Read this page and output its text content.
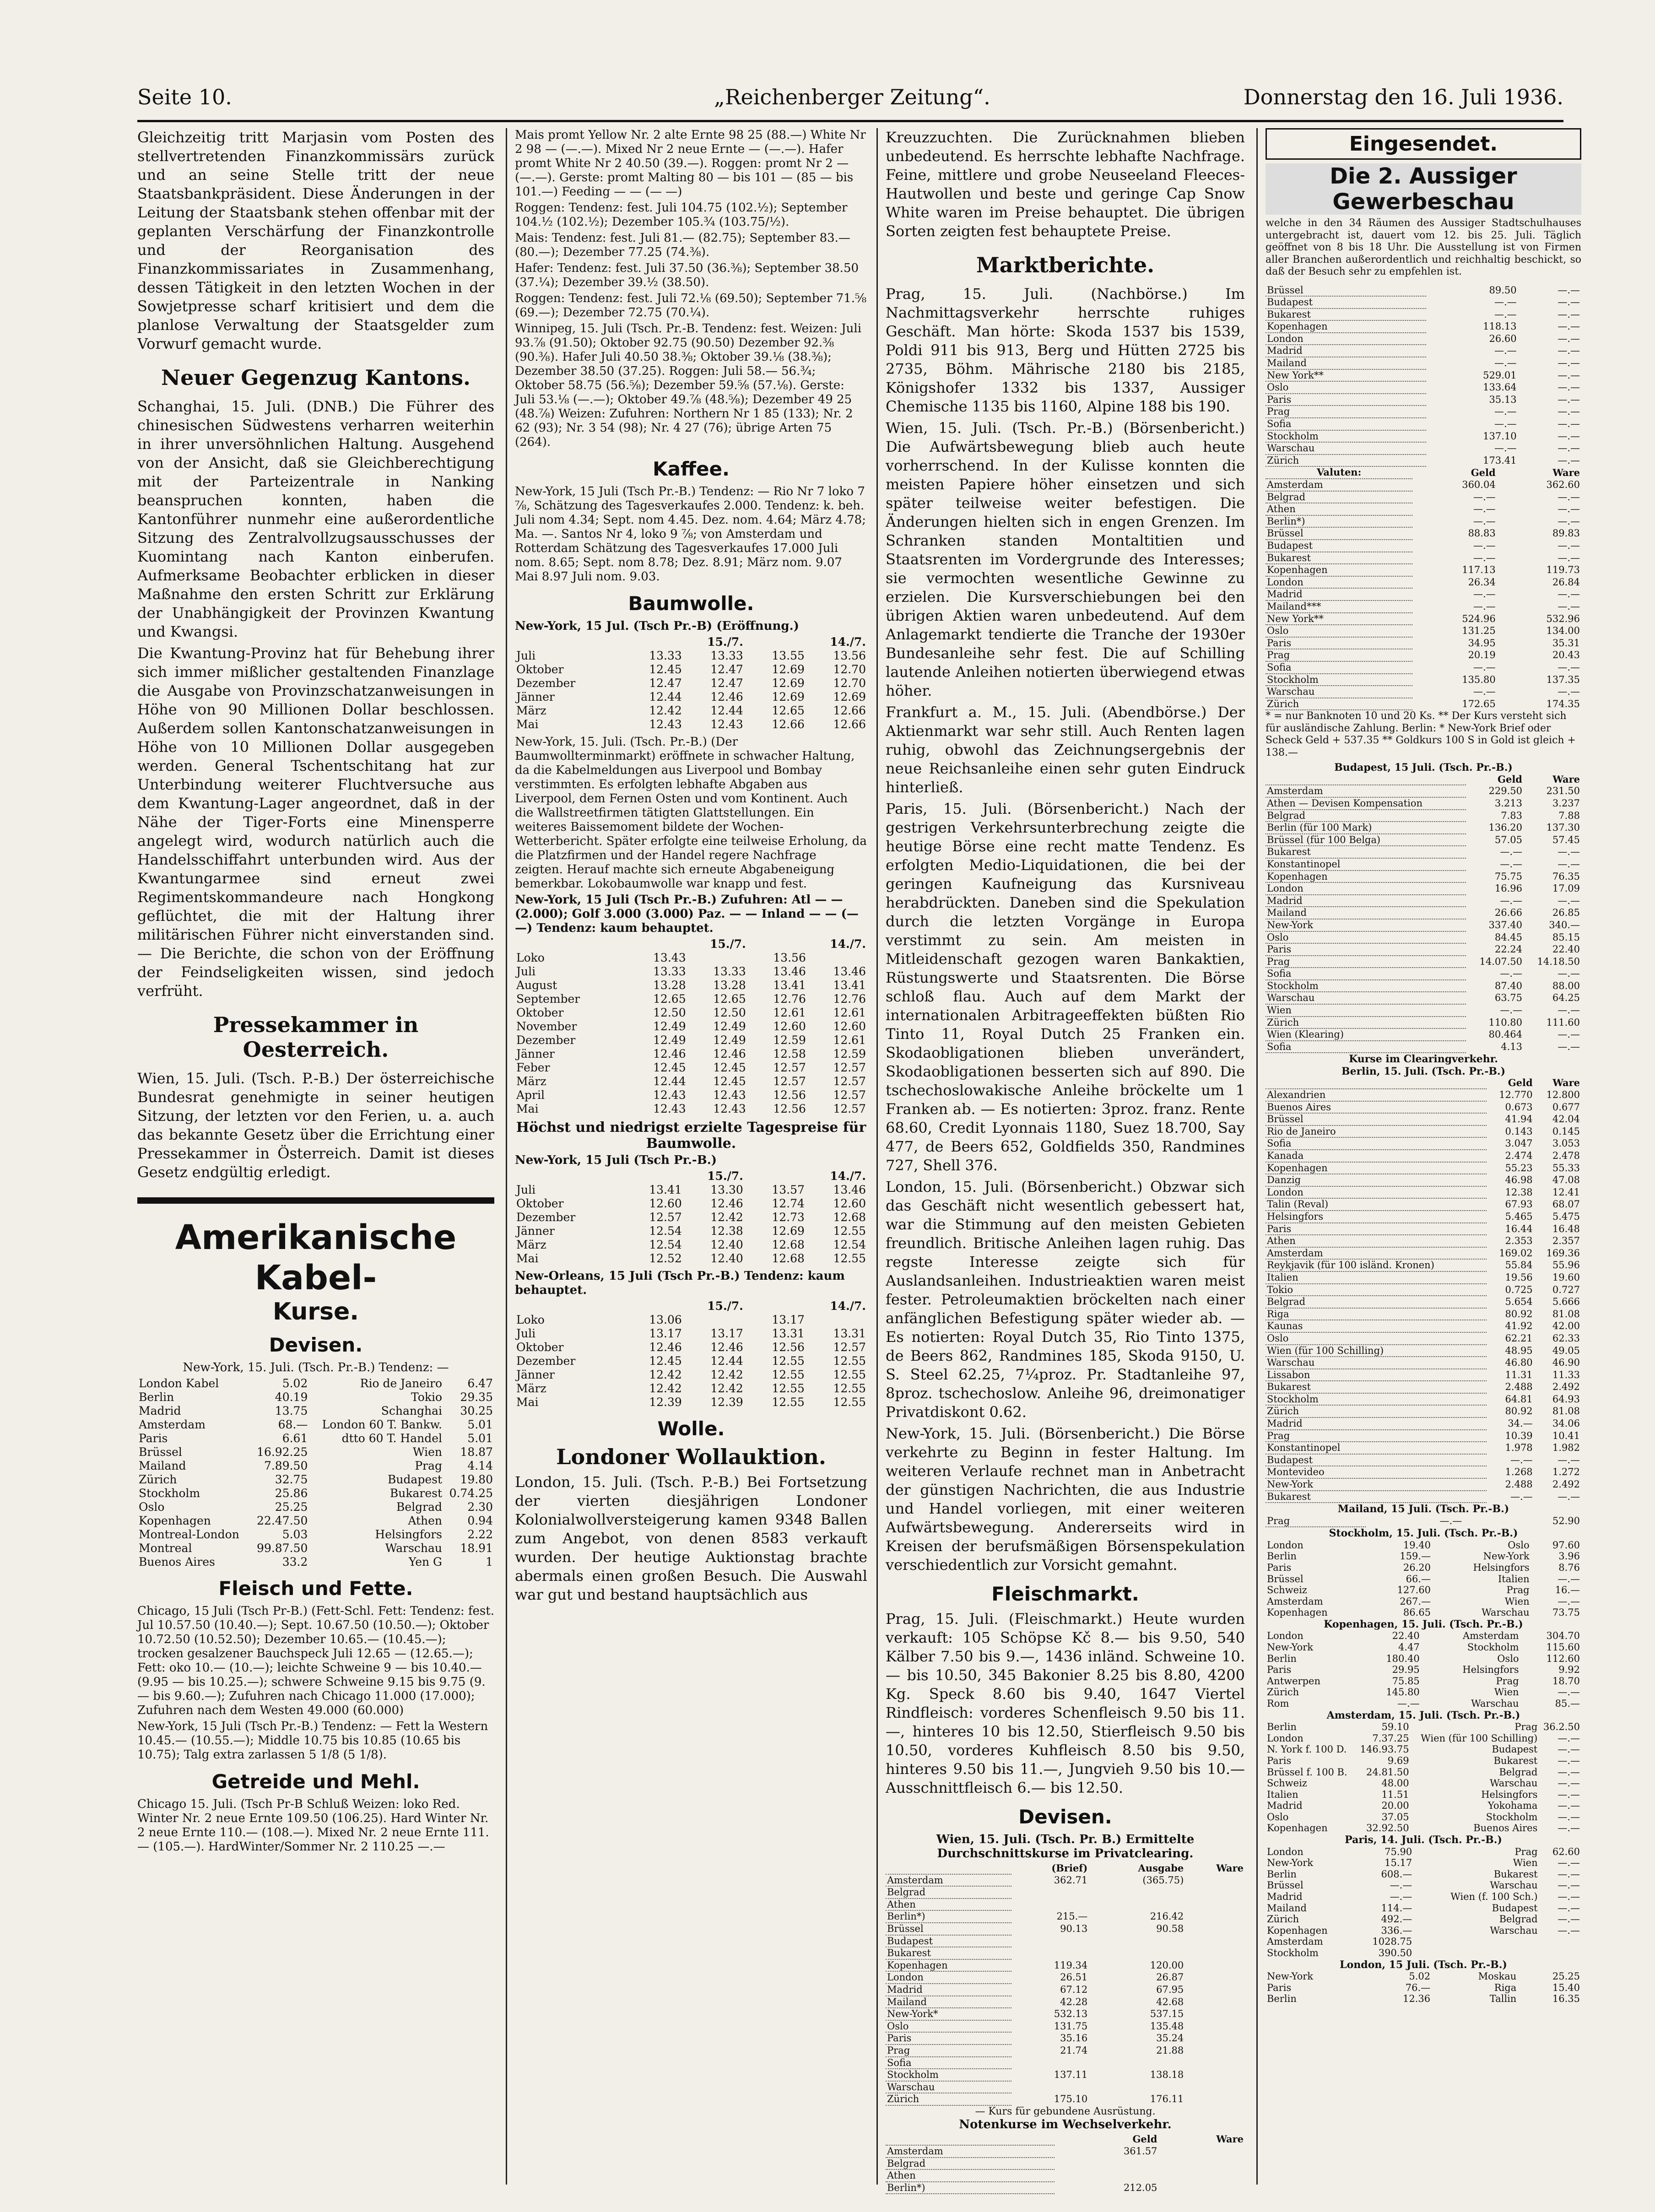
Seite 10.	„Reichenberger Zeitung“.	Donnerstag den 16. Juli 1936.

Gleichzeitig tritt Marjasin vom Posten des stellvertretenden Finanzkommissärs zurück und an seine Stelle tritt der neue Staatsbankpräsident. Diese Änderungen in der Leitung der Staatsbank stehen offenbar mit der geplanten Verschärfung der Finanzkontrolle und der Reorganisation des Finanzkommissariates in Zusammenhang, dessen Tätigkeit in den letzten Wochen in der Sowjetpresse scharf kritisiert und dem die planlose Verwaltung der Staatsgelder zum Vorwurf gemacht wurde.

Neuer Gegenzug Kantons.

Schanghai, 15. Juli. (DNB.) Die Führer des chinesischen Südwestens verharren weiterhin in ihrer unversöhnlichen Haltung. Ausgehend von der Ansicht, daß sie Gleichberechtigung mit der Parteizentrale in Nanking beanspruchen konnten, haben die Kantonführer nunmehr eine außerordentliche Sitzung des Zentralvollzugsausschusses der Kuomintang nach Kanton einberufen. Aufmerksame Beobachter erblicken in dieser Maßnahme den ersten Schritt zur Erklärung der Unabhängigkeit der Provinzen Kwantung und Kwangsi.

Die Kwantung-Provinz hat für Behebung ihrer sich immer mißlicher gestaltenden Finanzlage die Ausgabe von Provinzschatzanweisungen in Höhe von 90 Millionen Dollar beschlossen. Außerdem sollen Kantonschatzanweisungen in Höhe von 10 Millionen Dollar ausgegeben werden. General Tschentschitang hat zur Unterbindung weiterer Fluchtversuche aus dem Kwantung-Lager angeordnet, daß in der Nähe der Tiger-Forts eine Minensperre angelegt wird, wodurch natürlich auch die Handelsschiffahrt unterbunden wird. Aus der Kwantungarmee sind erneut zwei Regimentskommandeure nach Hongkong geflüchtet, die mit der Haltung ihrer militärischen Führer nicht einverstanden sind. — Die Berichte, die schon von der Eröffnung der Feindseligkeiten wissen, sind jedoch verfrüht.

Pressekammer in Oesterreich.

Wien, 15. Juli. (Tsch. P.-B.) Der österreichische Bundesrat genehmigte in seiner heutigen Sitzung, der letzten vor den Ferien, u. a. auch das bekannte Gesetz über die Errichtung einer Pressekammer in Österreich. Damit ist dieses Gesetz endgültig erledigt.

Amerikanische Kabel-
Kurse.
Devisen.
New-York, 15. Juli. (Tsch. Pr.-B.) Tendenz: —
London Kabel	5.02	Rio de Janeiro	6.47
Berlin	40.19	Tokio	29.35
Madrid	13.75	Schanghai	30.25
Amsterdam	68.—	London 60 T. Bankw.	5.01
Paris	6.61	dtto 60 T. Handel	5.01
Brüssel	16.92.25	Wien	18.87
Mailand	7.89.50	Prag	4.14
Zürich	32.75	Budapest	19.80
Stockholm	25.86	Bukarest	0.74.25
Oslo	25.25	Belgrad	2.30
Kopenhagen	22.47.50	Athen	0.94
Montreal-London	5.03	Helsingfors	2.22
Montreal	99.87.50	Warschau	18.91
Buenos Aires	33.2	Yen G	1
Fleisch und Fette.

Chicago, 15 Juli (Tsch Pr-B.) (Fett-Schl. Fett: Tendenz: fest. Jul 10.57.50 (10.40.—); Sept. 10.67.50 (10.50.—); Oktober 10.72.50 (10.52.50); Dezember 10.65.— (10.45.—); trocken gesalzener Bauchspeck Juli 12.65 — (12.65.—); Fett: oko 10.— (10.—); leichte Schweine 9 — bis 10.40.— (9.95 — bis 10.25.—); schwere Schweine 9.15 bis 9.75 (9.— bis 9.60.—); Zufuhren nach Chicago 11.000 (17.000); Zufuhren nach dem Westen 49.000 (60.000)

New-York, 15 Juli (Tsch Pr.-B.) Tendenz: — Fett la Western 10.45.— (10.55.—); Middle 10.75 bis 10.85 (10.65 bis 10.75); Talg extra zarlassen 5 1/8 (5 1/8).

Getreide und Mehl.

Chicago 15. Juli. (Tsch Pr-B Schluß Weizen: loko Red. Winter Nr. 2 neue Ernte 109.50 (106.25). Hard Winter Nr. 2 neue Ernte 110.— (108.—). Mixed Nr. 2 neue Ernte 111.— (105.—). HardWinter/Sommer Nr. 2 110.25 —.—

Mais promt Yellow Nr. 2 alte Ernte 98 25 (88.—) White Nr 2 98 — (—.—). Mixed Nr 2 neue Ernte — (—.—). Hafer promt White Nr 2 40.50 (39.—). Roggen: promt Nr 2 — (—.—). Gerste: promt Malting 80 — bis 101 — (85 — bis 101.—) Feeding — — (— —)

Roggen: Tendenz: fest. Juli 104.75 (102.½); September 104.½ (102.½); Dezember 105.¾ (103.75/½).

Mais: Tendenz: fest. Juli 81.— (82.75); September 83.— (80.—); Dezember 77.25 (74.⅜).

Hafer: Tendenz: fest. Juli 37.50 (36.⅜); September 38.50 (37.¼); Dezember 39.½ (38.50).

Roggen: Tendenz: fest. Juli 72.⅛ (69.50); September 71.⅝ (69.—); Dezember 72.75 (70.¼).

Winnipeg, 15. Juli (Tsch. Pr.-B. Tendenz: fest. Weizen: Juli 93.⅞ (91.50); Oktober 92.75 (90.50) Dezember 92.⅜ (90.⅜). Hafer Juli 40.50 38.⅜; Oktober 39.⅛ (38.⅜); Dezember 38.50 (37.25). Roggen: Juli 58.— 56.¾; Oktober 58.75 (56.⅝); Dezember 59.⅝ (57.⅛). Gerste: Juli 53.⅛ (—.—); Oktober 49.⅞ (48.⅝); Dezember 49 25 (48.⅞) Weizen: Zufuhren: Northern Nr 1 85 (133); Nr. 2 62 (93); Nr. 3 54 (98); Nr. 4 27 (76); übrige Arten 75 (264).

Kaffee.

New-York, 15 Juli (Tsch Pr.-B.) Tendenz: — Rio Nr 7 loko 7 ⅞, Schätzung des Tagesverkaufes 2.000. Tendenz: k. beh. Juli nom 4.34; Sept. nom 4.45. Dez. nom. 4.64; März 4.78; Ma. —. Santos Nr 4, loko 9 ⅞; von Amsterdam und Rotterdam Schätzung des Tagesverkaufes 17.000 Juli nom. 8.65; Sept. nom 8.78; Dez. 8.91; März nom. 9.07 Mai 8.97 Juli nom. 9.03.

Baumwolle.
New-York, 15 Jul. (Tsch Pr.-B) (Eröffnung.)
	15./7.		14./7.	
Juli	13.33	13.33	13.55	13.56
Oktober	12.45	12.47	12.69	12.70
Dezember	12.47	12.47	12.69	12.70
Jänner	12.44	12.46	12.69	12.69
März	12.42	12.44	12.65	12.66
Mai	12.43	12.43	12.66	12.66

New-York, 15. Juli. (Tsch. Pr.-B.) (Der Baumwollterminmarkt) eröffnete in schwacher Haltung, da die Kabelmeldungen aus Liverpool und Bombay verstimmten. Es erfolgten lebhafte Abgaben aus Liverpool, dem Fernen Osten und vom Kontinent. Auch die Wallstreetfirmen tätigten Glattstellungen. Ein weiteres Baissemoment bildete der Wochen-Wetterbericht. Später erfolgte eine teilweise Erholung, da die Platzfirmen und der Handel regere Nachfrage zeigten. Herauf machte sich erneute Abgabeneigung bemerkbar. Lokobaumwolle war knapp und fest.

New-York, 15 Juli (Tsch Pr.-B.) Zufuhren: Atl — — (2.000); Golf 3.000 (3.000) Paz. — — Inland — — (— —) Tendenz: kaum behauptet.
	15./7.		14./7.	
Loko	13.43		13.56	
Juli	13.33	13.33	13.46	13.46
August	13.28	13.28	13.41	13.41
September	12.65	12.65	12.76	12.76
Oktober	12.50	12.50	12.61	12.61
November	12.49	12.49	12.60	12.60
Dezember	12.49	12.49	12.59	12.61
Jänner	12.46	12.46	12.58	12.59
Feber	12.45	12.45	12.57	12.57
März	12.44	12.45	12.57	12.57
April	12.43	12.43	12.56	12.57
Mai	12.43	12.43	12.56	12.57
Höchst und niedrigst erzielte Tagespreise für Baumwolle.
New-York, 15 Juli (Tsch Pr.-B.)
	15./7.		14./7.	
Juli	13.41	13.30	13.57	13.46
Oktober	12.60	12.46	12.74	12.60
Dezember	12.57	12.42	12.73	12.68
Jänner	12.54	12.38	12.69	12.55
März	12.54	12.40	12.68	12.54
Mai	12.52	12.40	12.68	12.55
New-Orleans, 15 Juli (Tsch Pr.-B.) Tendenz: kaum behauptet.
	15./7.		14./7.	
Loko	13.06		13.17	
Juli	13.17	13.17	13.31	13.31
Oktober	12.46	12.46	12.56	12.57
Dezember	12.45	12.44	12.55	12.55
Jänner	12.42	12.42	12.55	12.55
März	12.42	12.42	12.55	12.55
Mai	12.39	12.39	12.55	12.55
Wolle.
Londoner Wollauktion.

London, 15. Juli. (Tsch. P.-B.) Bei Fortsetzung der vierten diesjährigen Londoner Kolonialwollversteigerung kamen 9348 Ballen zum Angebot, von denen 8583 verkauft wurden. Der heutige Auktionstag brachte abermals einen großen Besuch. Die Auswahl war gut und bestand hauptsächlich aus

Kreuzzuchten. Die Zurücknahmen blieben unbedeutend. Es herrschte lebhafte Nachfrage. Feine, mittlere und grobe Neuseeland Fleeces-Hautwollen und beste und geringe Cap Snow White waren im Preise behauptet. Die übrigen Sorten zeigten fest behauptete Preise.

Marktberichte.

Prag, 15. Juli. (Nachbörse.) Im Nachmittagsverkehr herrschte ruhiges Geschäft. Man hörte: Skoda 1537 bis 1539, Poldi 911 bis 913, Berg und Hütten 2725 bis 2735, Böhm. Mährische 2180 bis 2185, Königshofer 1332 bis 1337, Aussiger Chemische 1135 bis 1160, Alpine 188 bis 190.

Wien, 15. Juli. (Tsch. Pr.-B.) (Börsenbericht.) Die Aufwärtsbewegung blieb auch heute vorherrschend. In der Kulisse konnten die meisten Papiere höher einsetzen und sich später teilweise weiter befestigen. Die Änderungen hielten sich in engen Grenzen. Im Schranken standen Montaltitien und Staatsrenten im Vordergrunde des Interesses; sie vermochten wesentliche Gewinne zu erzielen. Die Kursverschiebungen bei den übrigen Aktien waren unbedeutend. Auf dem Anlagemarkt tendierte die Tranche der 1930er Bundesanleihe sehr fest. Die auf Schilling lautende Anleihen notierten überwiegend etwas höher.

Frankfurt a. M., 15. Juli. (Abendbörse.) Der Aktienmarkt war sehr still. Auch Renten lagen ruhig, obwohl das Zeichnungsergebnis der neue Reichsanleihe einen sehr guten Eindruck hinterließ.

Paris, 15. Juli. (Börsenbericht.) Nach der gestrigen Verkehrsunterbrechung zeigte die heutige Börse eine recht matte Tendenz. Es erfolgten Medio-Liquidationen, die bei der geringen Kaufneigung das Kursniveau herabdrückten. Daneben sind die Spekulation durch die letzten Vorgänge in Europa verstimmt zu sein. Am meisten in Mitleidenschaft gezogen waren Bankaktien, Rüstungswerte und Staatsrenten. Die Börse schloß flau. Auch auf dem Markt der internationalen Arbitrageeffekten büßten Rio Tinto 11, Royal Dutch 25 Franken ein. Skodaobligationen blieben unverändert, Skodaobligationen besserten sich auf 890. Die tschechoslowakische Anleihe bröckelte um 1 Franken ab. — Es notierten: 3proz. franz. Rente 68.60, Credit Lyonnais 1180, Suez 18.700, Say 477, de Beers 652, Goldfields 350, Randmines 727, Shell 376.

London, 15. Juli. (Börsenbericht.) Obzwar sich das Geschäft nicht wesentlich gebessert hat, war die Stimmung auf den meisten Gebieten freundlich. Britische Anleihen lagen ruhig. Das regste Interesse zeigte sich für Auslandsanleihen. Industrieaktien waren meist fester. Petroleumaktien bröckelten nach einer anfänglichen Befestigung später wieder ab. — Es notierten: Royal Dutch 35, Rio Tinto 1375, de Beers 862, Randmines 185, Skoda 9150, U. S. Steel 62.25, 7¼proz. Pr. Stadtanleihe 97, 8proz. tschechoslow. Anleihe 96, dreimonatiger Privatdiskont 0.62.

New-York, 15. Juli. (Börsenbericht.) Die Börse verkehrte zu Beginn in fester Haltung. Im weiteren Verlaufe rechnet man in Anbetracht der günstigen Nachrichten, die aus Industrie und Handel vorliegen, mit einer weiteren Aufwärtsbewegung. Andererseits wird in Kreisen der berufsmäßigen Börsenspekulation verschiedentlich zur Vorsicht gemahnt.

Fleischmarkt.

Prag, 15. Juli. (Fleischmarkt.) Heute wurden verkauft: 105 Schöpse Kč 8.— bis 9.50, 540 Kälber 7.50 bis 9.—, 1436 inländ. Schweine 10.— bis 10.50, 345 Bakonier 8.25 bis 8.80, 4200 Kg. Speck 8.60 bis 9.40, 1647 Viertel Rindfleisch: vorderes Schenfleisch 9.50 bis 11.—, hinteres 10 bis 12.50, Stierfleisch 9.50 bis 10.50, vorderes Kuhfleisch 8.50 bis 9.50, hinteres 9.50 bis 11.—, Jungvieh 9.50 bis 10.— Ausschnittfleisch 6.— bis 12.50.

Devisen.
Wien, 15. Juli. (Tsch. Pr. B.) Ermittelte Durchschnittskurse im Privatclearing.
	(Brief)	Ausgabe	Ware
Amsterdam	362.71	(365.75)	
Belgrad			
Athen			
Berlin*)	215.—	216.42	
Brüssel	90.13	90.58	
Budapest			
Bukarest			
Kopenhagen	119.34	120.00	
London	26.51	26.87	
Madrid	67.12	67.95	
Mailand	42.28	42.68	
New-York*	532.13	537.15	
Oslo	131.75	135.48	
Paris	35.16	35.24	
Prag	21.74	21.88	
Sofia			
Stockholm	137.11	138.18	
Warschau			
Zürich	175.10	176.11	
— Kurs für gebundene Ausrüstung.
Notenkurse im Wechselverkehr.
	Geld	Ware
Amsterdam	361.57	
Belgrad		
Athen		
Berlin*)	212.05	
Eingesendet.
Die 2. Aussiger Gewerbeschau
welche in den 34 Räumen des Aussiger Stadtschulhauses untergebracht ist, dauert vom 12. bis 25. Juli. Täglich geöffnet von 8 bis 18 Uhr. Die Ausstellung ist von Firmen aller Branchen außerordentlich und reichhaltig beschickt, so daß der Besuch sehr zu empfehlen ist.
Brüssel	89.50	—.—
Budapest	—.—	—.—
Bukarest	—.—	—.—
Kopenhagen	118.13	—.—
London	26.60	—.—
Madrid	—.—	—.—
Mailand	—.—	—.—
New York**	529.01	—.—
Oslo	133.64	—.—
Paris	35.13	—.—
Prag	—.—	—.—
Sofia	—.—	—.—
Stockholm	137.10	—.—
Warschau	—.—	—.—
Zürich	173.41	—.—
Valuten:	Geld	Ware
Amsterdam	360.04	362.60
Belgrad	—.—	—.—
Athen	—.—	—.—
Berlin*)	—.—	—.—
Brüssel	88.83	89.83
Budapest	—.—	—.—
Bukarest	—.—	—.—
Kopenhagen	117.13	119.73
London	26.34	26.84
Madrid	—.—	—.—
Mailand***	—.—	—.—
New York**	524.96	532.96
Oslo	131.25	134.00
Paris	34.95	35.31
Prag	20.19	20.43
Sofia	—.—	—.—
Stockholm	135.80	137.35
Warschau	—.—	—.—
Zürich	172.65	174.35
* = nur Banknoten 10 und 20 Ks. ** Der Kurs versteht sich für ausländische Zahlung. Berlin: * New-York Brief oder Scheck Geld + 537.35 ** Goldkurs 100 S in Gold ist gleich + 138.—
Budapest, 15 Juli. (Tsch. Pr.-B.)
	Geld	Ware
Amsterdam	229.50	231.50
Athen — Devisen Kompensation	3.213	3.237
Belgrad	7.83	7.88
Berlin (für 100 Mark)	136.20	137.30
Brüssel (für 100 Belga)	57.05	57.45
Bukarest	—.—	—.—
Konstantinopel	—.—	—.—
Kopenhagen	75.75	76.35
London	16.96	17.09
Madrid	—.—	—.—
Mailand	26.66	26.85
New-York	337.40	340.—
Oslo	84.45	85.15
Paris	22.24	22.40
Prag	14.07.50	14.18.50
Sofia	—.—	—.—
Stockholm	87.40	88.00
Warschau	63.75	64.25
Wien	—.—	—.—
Zürich	110.80	111.60
Wien (Klearing)	80.464	—.—
Sofia	4.13	—.—
Kurse im Clearingverkehr.
Berlin, 15. Juli. (Tsch. Pr.-B.)
	Geld	Ware
Alexandrien	12.770	12.800
Buenos Aires	0.673	0.677
Brüssel	41.94	42.04
Rio de Janeiro	0.143	0.145
Sofia	3.047	3.053
Kanada	2.474	2.478
Kopenhagen	55.23	55.33
Danzig	46.98	47.08
London	12.38	12.41
Talin (Reval)	67.93	68.07
Helsingfors	5.465	5.475
Paris	16.44	16.48
Athen	2.353	2.357
Amsterdam	169.02	169.36
Reykjavik (für 100 isländ. Kronen)	55.84	55.96
Italien	19.56	19.60
Tokio	0.725	0.727
Belgrad	5.654	5.666
Riga	80.92	81.08
Kaunas	41.92	42.00
Oslo	62.21	62.33
Wien (für 100 Schilling)	48.95	49.05
Warschau	46.80	46.90
Lissabon	11.31	11.33
Bukarest	2.488	2.492
Stockholm	64.81	64.93
Zürich	80.92	81.08
Madrid	34.—	34.06
Prag	10.39	10.41
Konstantinopel	1.978	1.982
Budapest	—.—	—.—
Montevideo	1.268	1.272
New-York	2.488	2.492
Bukarest	—.—	—.—
Mailand, 15 Juli. (Tsch. Pr.-B.)
Prag	—.—	52.90
Stockholm, 15. Juli. (Tsch. Pr.-B.)
London	19.40	Oslo	97.60
Berlin	159.—	New-York	3.96
Paris	26.20	Helsingfors	8.76
Brüssel	66.—	Italien	—.—
Schweiz	127.60	Prag	16.—
Amsterdam	267.—	Wien	—.—
Kopenhagen	86.65	Warschau	73.75
Kopenhagen, 15. Juli. (Tsch. Pr.-B.)
London	22.40	Amsterdam	304.70
New-York	4.47	Stockholm	115.60
Berlin	180.40	Oslo	112.60
Paris	29.95	Helsingfors	9.92
Antwerpen	75.85	Prag	18.70
Zürich	145.80	Wien	—.—
Rom	—.—	Warschau	85.—
Amsterdam, 15. Juli. (Tsch. Pr.-B.)
Berlin	59.10	Prag	36.2.50
London	7.37.25	Wien (für 100 Schilling)	—.—
N. York f. 100 D.	146.93.75	Budapest	—.—
Paris	9.69	Bukarest	—.—
Brüssel f. 100 B.	24.81.50	Belgrad	—.—
Schweiz	48.00	Warschau	—.—
Italien	11.51	Helsingfors	—.—
Madrid	20.00	Yokohama	—.—
Oslo	37.05	Stockholm	—.—
Kopenhagen	32.92.50	Buenos Aires	—.—
Paris, 14. Juli. (Tsch. Pr.-B.)
London	75.90	Prag	62.60
New-York	15.17	Wien	—.—
Berlin	608.—	Bukarest	—.—
Brüssel	—.—	Warschau	—.—
Madrid	—.—	Wien (f. 100 Sch.)	—.—
Mailand	114.—	Budapest	—.—
Zürich	492.—	Belgrad	—.—
Kopenhagen	336.—	Warschau	—.—
Amsterdam	1028.75		
Stockholm	390.50		
London, 15 Juli. (Tsch. Pr.-B.)
New-York	5.02	Moskau	25.25
Paris	76.—	Riga	15.40
Berlin	12.36	Tallin	16.35
